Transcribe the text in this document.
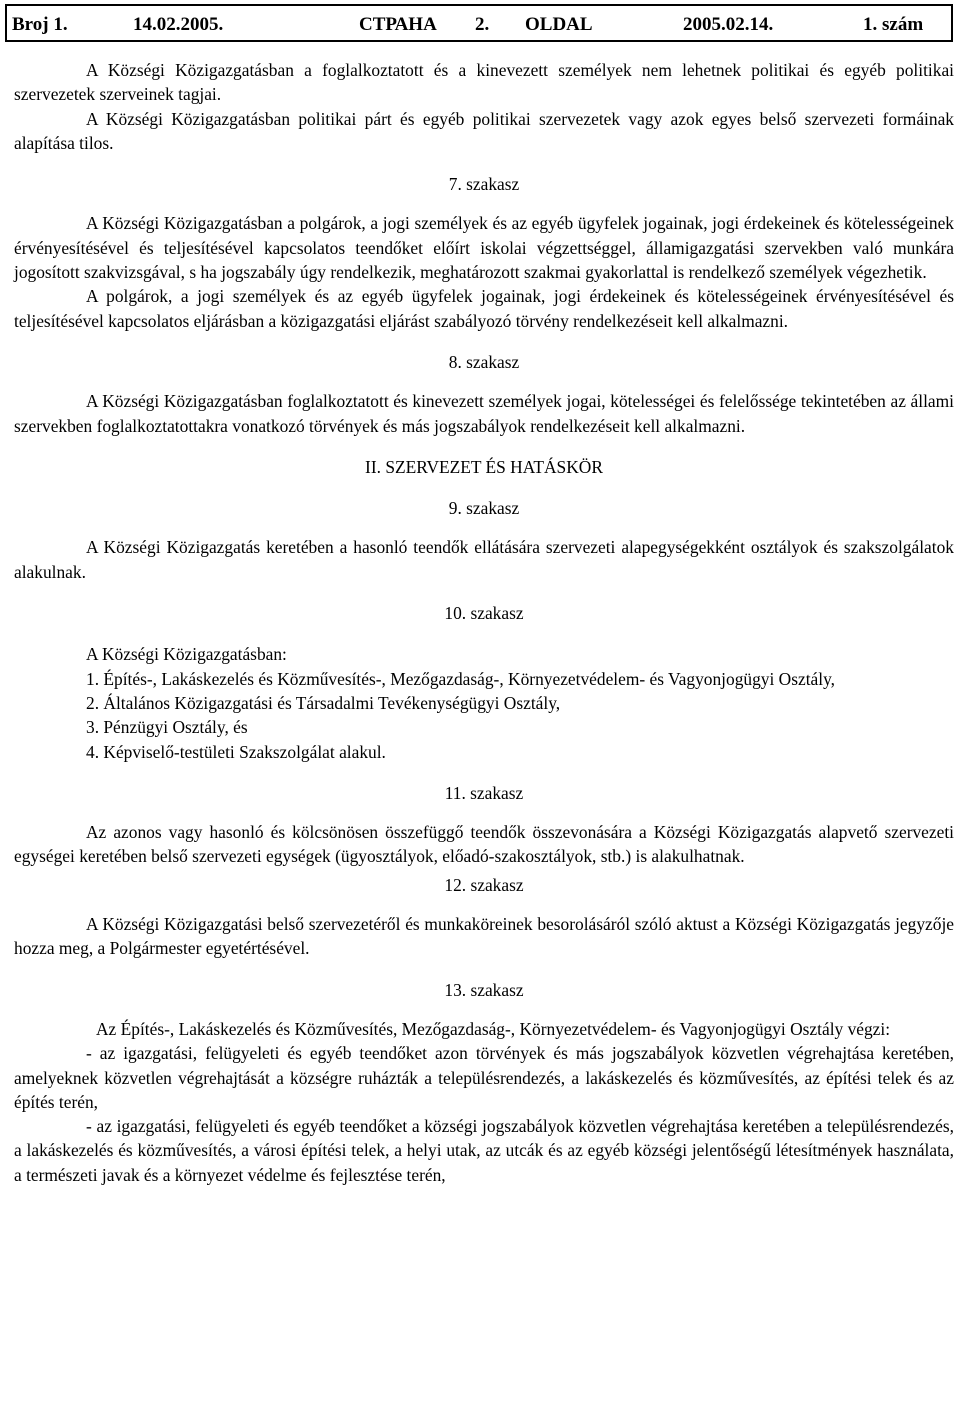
Broj 1.	14.02.2005.	СТРАНА 2. OLDAL	2005.02.14.	1. szám

A Községi Közigazgatásban a foglalkoztatott és a kinevezett személyek nem lehetnek politikai és egyéb politikai szervezetek szerveinek tagjai.

A Községi Közigazgatásban politikai párt és egyéb politikai szervezetek vagy azok egyes belső szervezeti formáinak alapítása tilos.

7. szakasz

A Községi Közigazgatásban a polgárok, a jogi személyek és az egyéb ügyfelek jogainak, jogi érdekeinek és kötelességeinek érvényesítésével és teljesítésével kapcsolatos teendőket előírt iskolai végzettséggel, államigazgatási szervekben való munkára jogosított szakvizsgával, s ha jogszabály úgy rendelkezik, meghatározott szakmai gyakorlattal is rendelkező személyek végezhetik.

A polgárok, a jogi személyek és az egyéb ügyfelek jogainak, jogi érdekeinek és kötelességeinek érvényesítésével és teljesítésével kapcsolatos eljárásban a közigazgatási eljárást szabályozó törvény rendelkezéseit kell alkalmazni.

8. szakasz

A Községi Közigazgatásban foglalkoztatott és kinevezett személyek jogai, kötelességei és felelőssége tekintetében az állami szervekben foglalkoztatottakra vonatkozó törvények és más jogszabályok rendelkezéseit kell alkalmazni.

II. SZERVEZET ÉS HATÁSKÖR

9. szakasz

A Községi Közigazgatás keretében a hasonló teendők ellátására szervezeti alapegységekként osztályok és szakszolgálatok alakulnak.

10. szakasz

A Községi Közigazgatásban:

1. Építés-, Lakáskezelés és Közművesítés-, Mezőgazdaság-, Környezetvédelem- és Vagyonjogügyi Osztály,

2. Általános Közigazgatási és Társadalmi Tevékenységügyi Osztály,

3. Pénzügyi Osztály, és

4. Képviselő-testületi Szakszolgálat alakul.

11. szakasz

Az azonos vagy hasonló és kölcsönösen összefüggő teendők összevonására a Községi Közigazgatás alapvető szervezeti egységei keretében belső szervezeti egységek (ügyosztályok, előadó-szakosztályok, stb.) is alakulhatnak.

12. szakasz

A Községi Közigazgatási belső szervezetéről és munkaköreinek besorolásáról szóló aktust a Községi Közigazgatás jegyzője hozza meg, a Polgármester egyetértésével.

13. szakasz

Az Építés-, Lakáskezelés és Közművesítés, Mezőgazdaság-, Környezetvédelem- és Vagyonjogügyi Osztály végzi:

- az igazgatási, felügyeleti és egyéb teendőket azon törvények és más jogszabályok közvetlen végrehajtása keretében, amelyeknek közvetlen végrehajtását a községre ruházták a településrendezés, a lakáskezelés és közművesítés, az építési telek és az építés terén,

- az igazgatási, felügyeleti és egyéb teendőket a községi jogszabályok közvetlen végrehajtása keretében a településrendezés, a lakáskezelés és közművesítés, a városi építési telek, a helyi utak, az utcák és az egyéb községi jelentőségű létesítmények használata, a természeti javak és a környezet védelme és fejlesztése terén,
